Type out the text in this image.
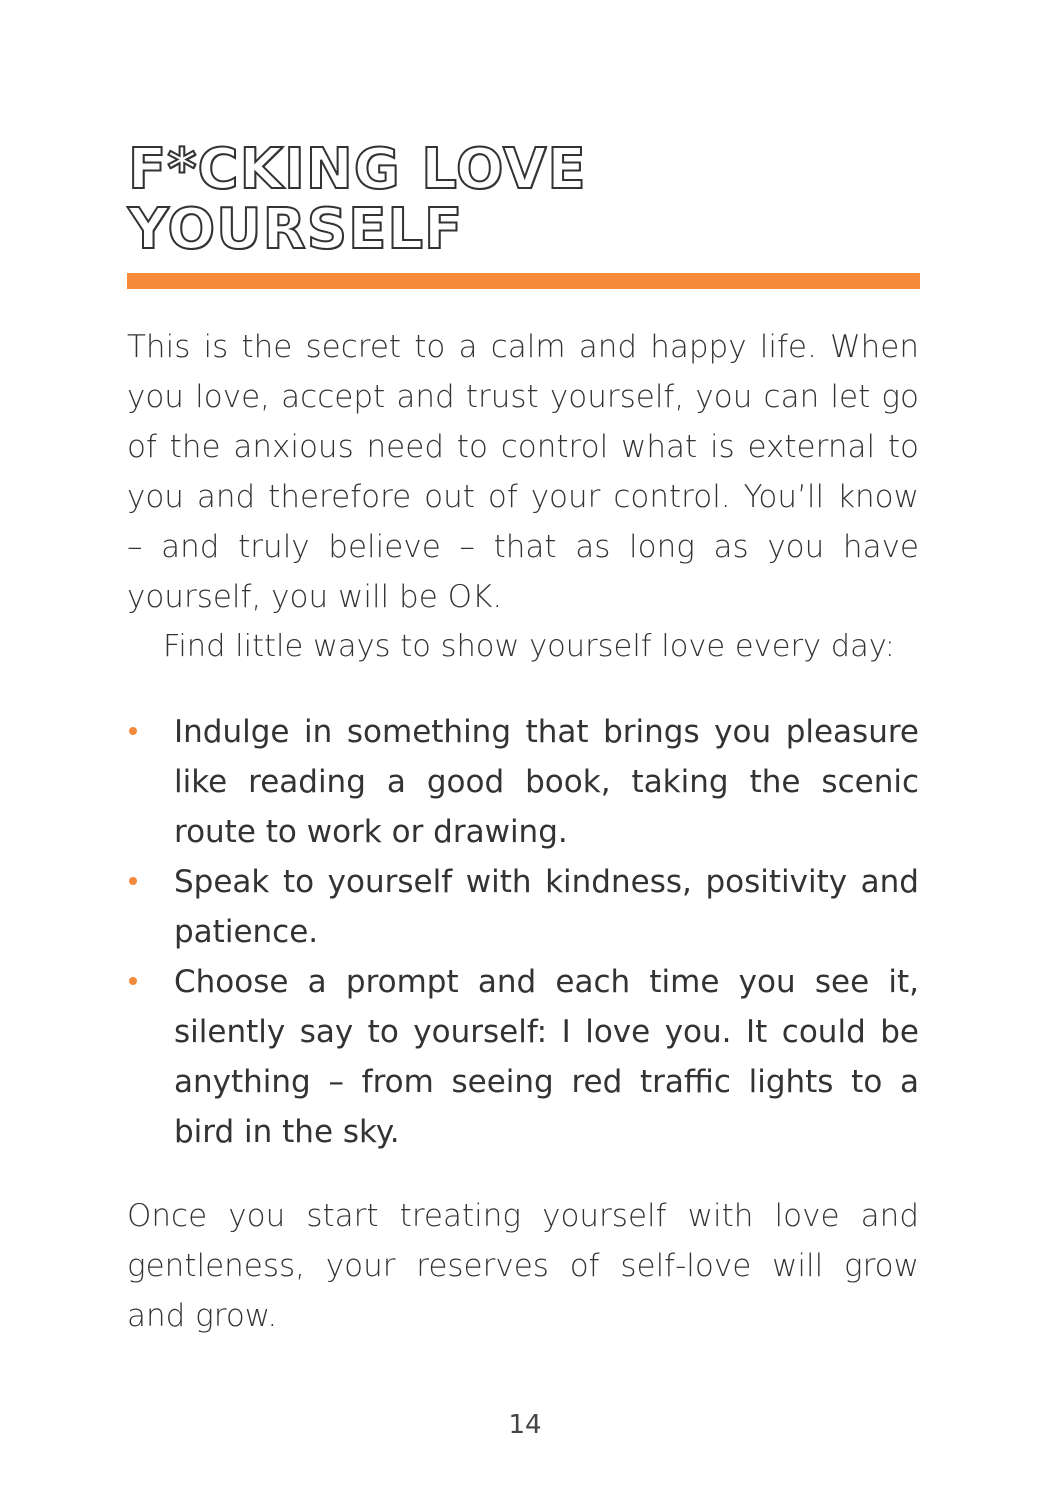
F*CKING LOVE
YOURSELF

This is the secret to a calm and happy life. When you love, accept and trust yourself, you can let go of the anxious need to control what is external to you and therefore out of your control. You’ll know – and truly believe – that as long as you have yourself, you will be OK.

Find little ways to show yourself love every day:

Indulge in something that brings you pleasure like reading a good book, taking the scenic route to work or drawing.
Speak to yourself with kindness, positivity and patience.
Choose a prompt and each time you see it, silently say to yourself: I love you. It could be anything – from seeing red traffic lights to a bird in the sky.

Once you start treating yourself with love and gentleness, your reserves of self-love will grow and grow.

14
